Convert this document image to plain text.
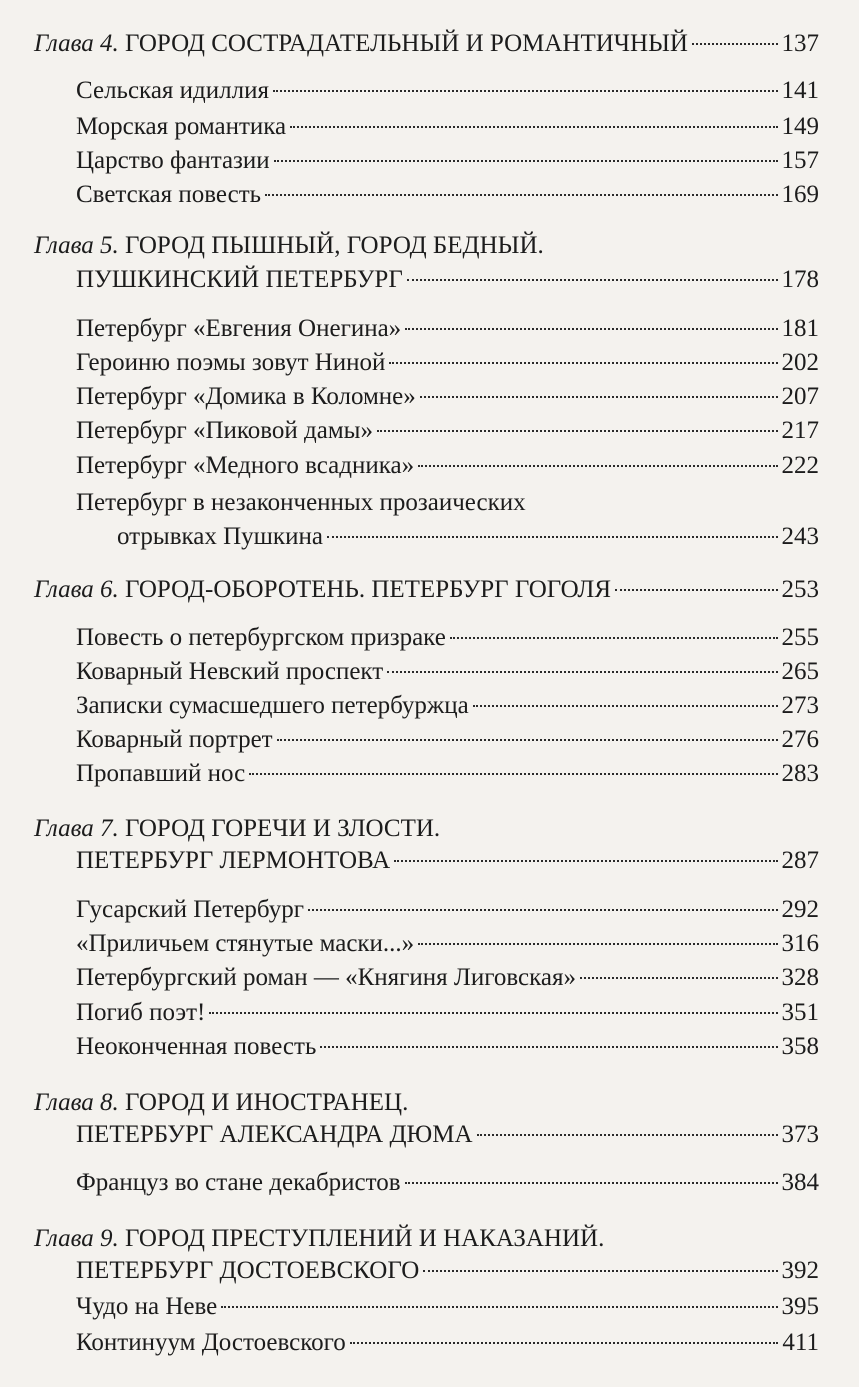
Глава 4. ГОРОД СОСТРАДАТЕЛЬНЫЙ И РОМАНТИЧНЫЙ	137
Сельская идиллия	141
Морская романтика	149
Царство фантазии	157
Светская повесть	169
Глава 5. ГОРОД ПЫШНЫЙ, ГОРОД БЕДНЫЙ.
ПУШКИНСКИЙ ПЕТЕРБУРГ	178
Петербург «Евгения Онегина»	181
Героиню поэмы зовут Ниной	202
Петербург «Домика в Коломне»	207
Петербург «Пиковой дамы»	217
Петербург «Медного всадника»	222
Петербург в незаконченных прозаических
отрывках Пушкина	243
Глава 6. ГОРОД-ОБОРОТЕНЬ. ПЕТЕРБУРГ ГОГОЛЯ	253
Повесть о петербургском призраке	255
Коварный Невский проспект	265
Записки сумасшедшего петербуржца	273
Коварный портрет	276
Пропавший нос	283
Глава 7. ГОРОД ГОРЕЧИ И ЗЛОСТИ.
ПЕТЕРБУРГ ЛЕРМОНТОВА	287
Гусарский Петербург	292
«Приличьем стянутые маски...»	316
Петербургский роман — «Княгиня Лиговская»	328
Погиб поэт!	351
Неоконченная повесть	358
Глава 8. ГОРОД И ИНОСТРАНЕЦ.
ПЕТЕРБУРГ АЛЕКСАНДРА ДЮМА	373
Француз во стане декабристов	384
Глава 9. ГОРОД ПРЕСТУПЛЕНИЙ И НАКАЗАНИЙ.
ПЕТЕРБУРГ ДОСТОЕВСКОГО	392
Чудо на Неве	395
Континуум Достоевского	411
